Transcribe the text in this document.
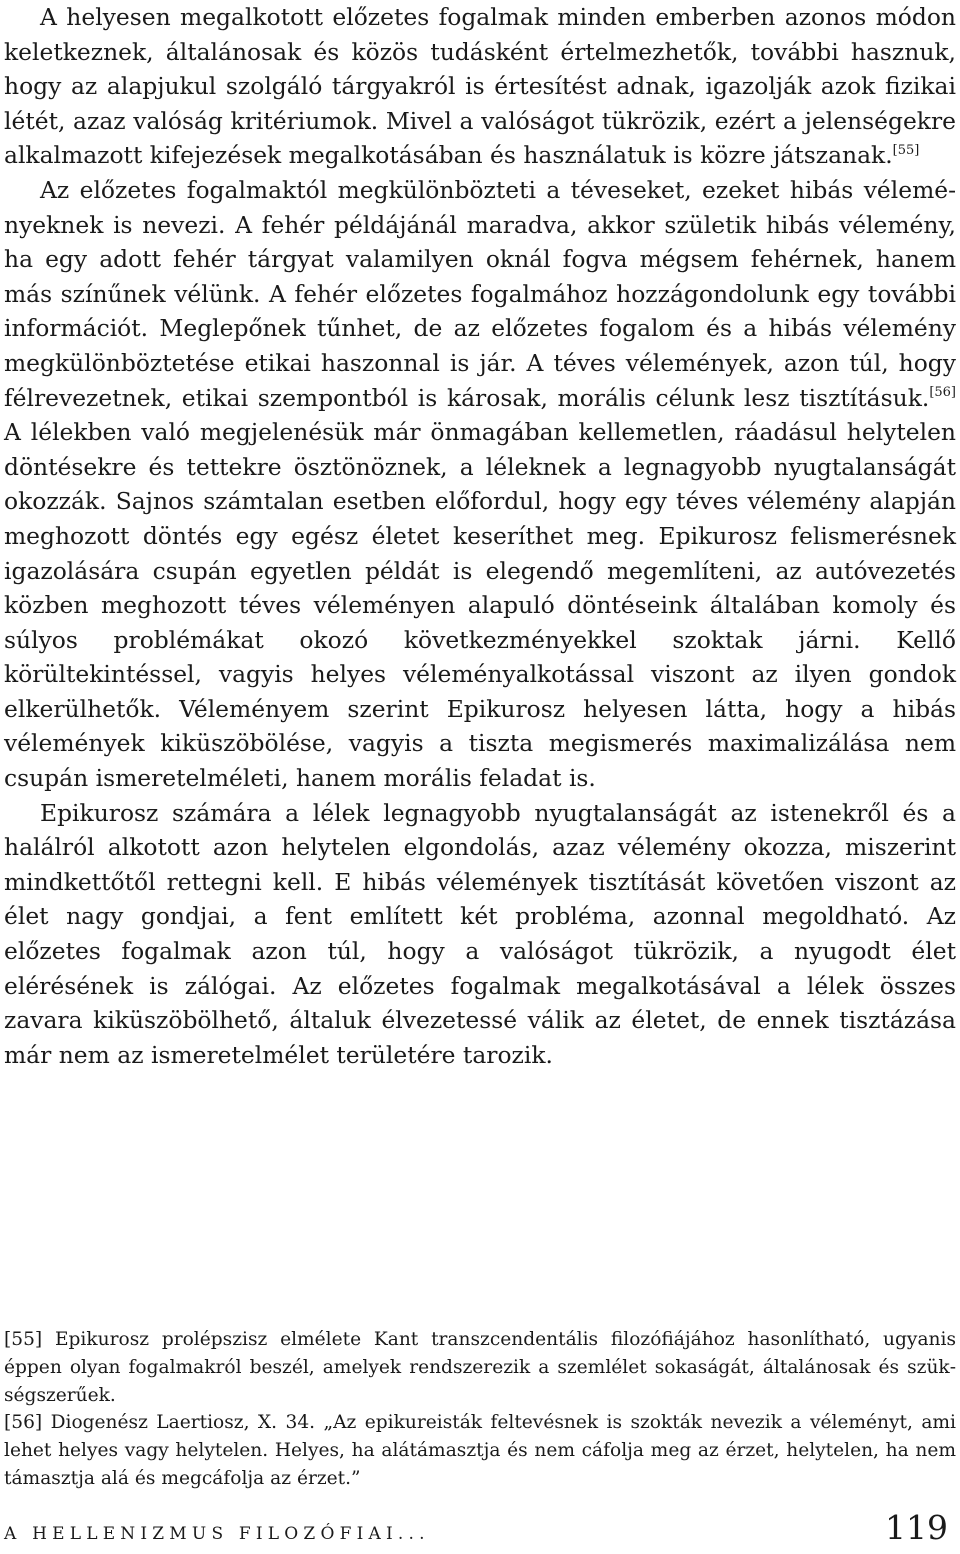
A helyesen megalkotott előzetes fogalmak minden emberben azonos módon keletkeznek, általánosak és közös tudásként értelmezhetők, további hasznuk, hogy az alapjukul szolgáló tárgyakról is értesítést adnak, igazolják azok fizikai létét, azaz valóság kritériumok. Mivel a valóságot tükrözik, ezért a jelenségekre alkalmazott kifejezések megalkotásában és használatuk is közre játszanak.[55]

Az előzetes fogalmaktól megkülönbözteti a téveseket, ezeket hibás véleményeknek is nevezi. A fehér példájánál maradva, akkor születik hibás vélemény, ha egy adott fehér tárgyat valamilyen oknál fogva mégsem fehérnek, hanem más színűnek vélünk. A fehér előzetes fogalmához hozzágondolunk egy további információt. Meglepőnek tűnhet, de az előzetes fogalom és a hibás vélemény megkülönböztetése etikai haszonnal is jár. A téves vélemények, azon túl, hogy félrevezetnek, etikai szempontból is károsak, morális célunk lesz tisztításuk.[56] A lélekben való megjelenésük már önmagában kellemetlen, ráadásul helytelen döntésekre és tettekre ösztönöznek, a léleknek a legnagyobb nyugtalanságát okozzák. Sajnos számtalan esetben előfordul, hogy egy téves vélemény alapján meghozott döntés egy egész életet keseríthet meg. Epikurosz felismerésnek igazolására csupán egyetlen példát is elegendő megemlíteni, az autóvezetés közben meghozott téves véleményen alapuló döntéseink általában komoly és súlyos problémákat okozó következményekkel szoktak járni. Kellő körültekintéssel, vagyis helyes véleményalkotással viszont az ilyen gondok elkerülhetők. Véleményem szerint Epikurosz helyesen látta, hogy a hibás vélemények kiküszöbölése, vagyis a tiszta megismerés maximalizálása nem csupán ismeretelméleti, hanem morális feladat is.

Epikurosz számára a lélek legnagyobb nyugtalanságát az istenekről és a halálról alkotott azon helytelen elgondolás, azaz vélemény okozza, miszerint mindkettőtől rettegni kell. E hibás vélemények tisztítását követően viszont az élet nagy gondjai, a fent említett két probléma, azonnal megoldható. Az előzetes fogalmak azon túl, hogy a valóságot tükrözik, a nyugodt élet elérésének is zálógai. Az előzetes fogalmak megalkotásával a lélek összes zavara kiküszöbölhető, általuk élvezetessé válik az életet, de ennek tisztázása már nem az ismeretelmélet területére tarozik.

[55] Epikurosz prolépszisz elmélete Kant transzcendentális filozófiájához hasonlítható, ugyanis éppen olyan fogalmakról beszél, amelyek rendszerezik a szemlélet sokaságát, általánosak és szükségszerűek.

[56] Diogenész Laertiosz, X. 34. „Az epikureisták feltevésnek is szokták nevezik a véleményt, ami lehet helyes vagy helytelen. Helyes, ha alátámasztja és nem cáfolja meg az érzet, helytelen, ha nem támasztja alá és megcáfolja az érzet.”

A HELLENIZMUS FILOZÓFIAI...	119
